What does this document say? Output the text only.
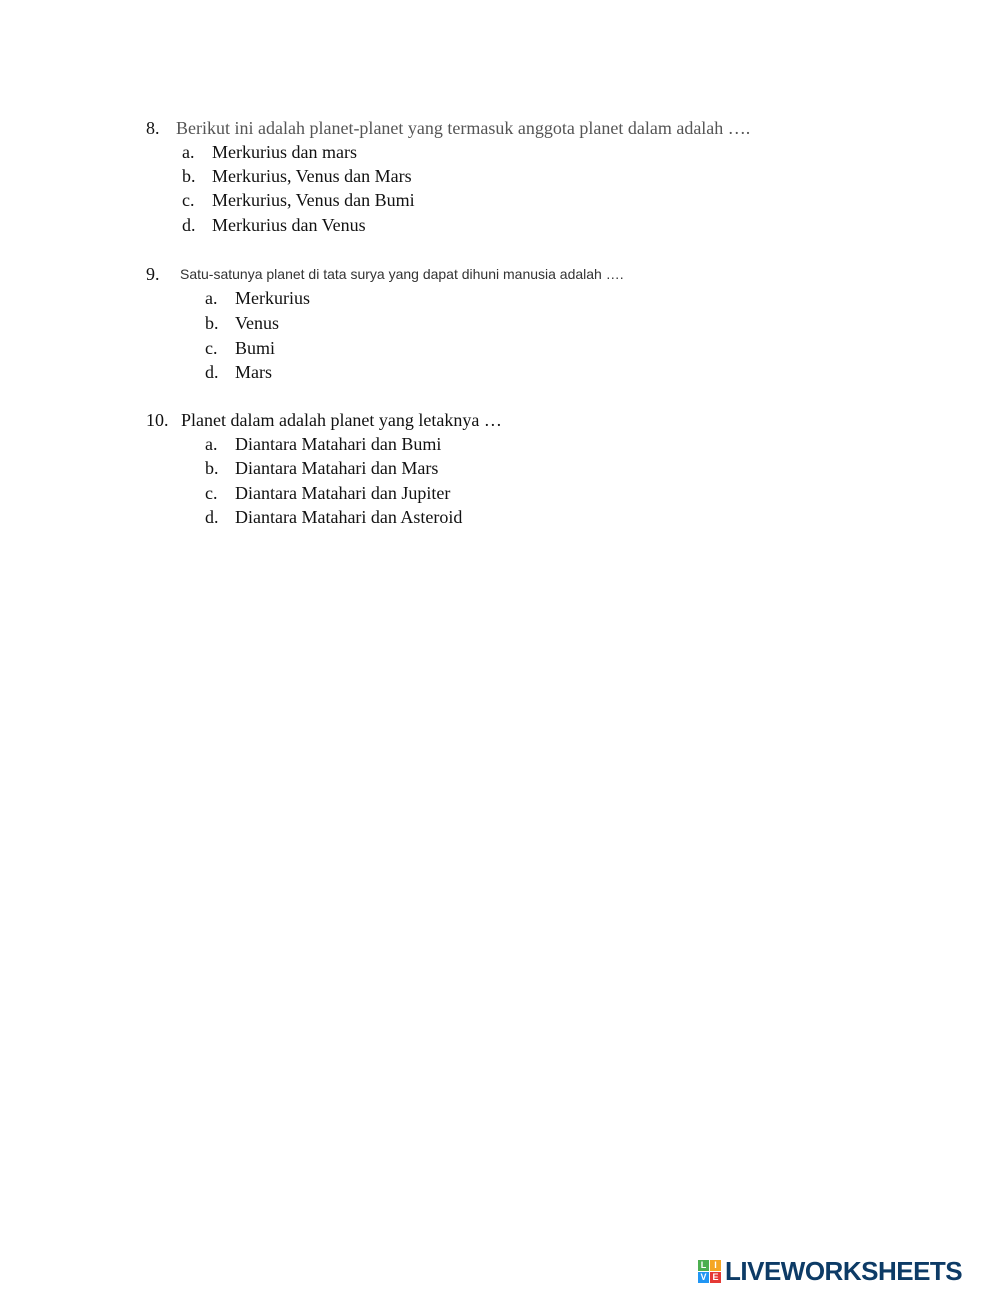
8. Berikut ini adalah planet-planet yang termasuk anggota planet dalam adalah ….
a. Merkurius dan mars
b. Merkurius, Venus dan Mars
c. Merkurius, Venus dan Bumi
d. Merkurius dan Venus
9. Satu-satunya planet di tata surya yang dapat dihuni manusia adalah ….
a. Merkurius
b. Venus
c. Bumi
d. Mars
10. Planet dalam adalah planet yang letaknya …
a. Diantara Matahari dan Bumi
b. Diantara Matahari dan Mars
c. Diantara Matahari dan Jupiter
d. Diantara Matahari dan Asteroid
L I
V E LIVEWORKSHEETS
